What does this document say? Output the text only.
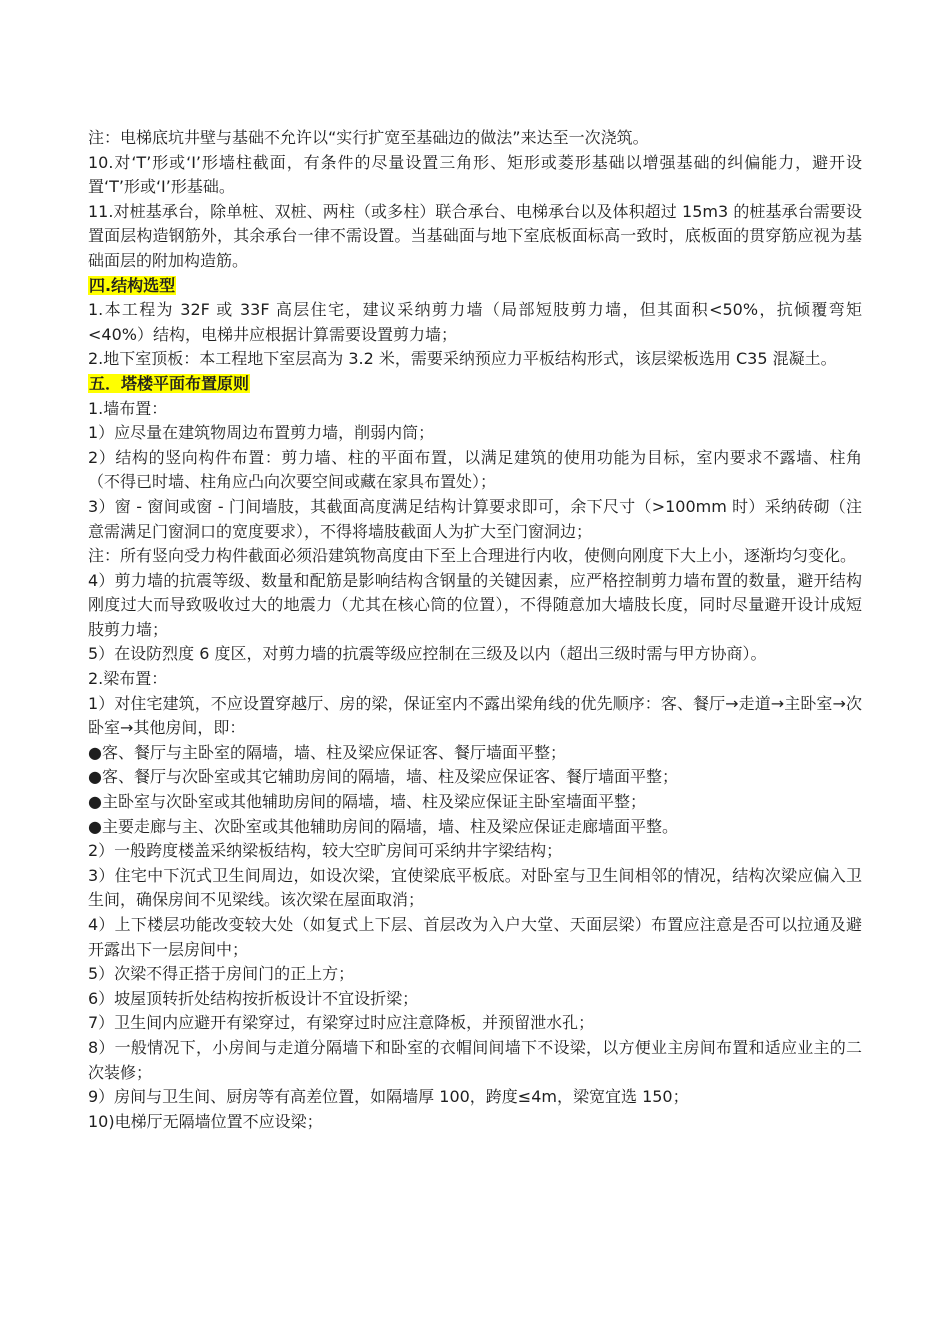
注：电梯底坑井壁与基础不允许以“实行扩宽至基础边的做法”来达至一次浇筑。

10.对‘T’形或‘I’形墙柱截面，有条件的尽量设置三角形、矩形或菱形基础以增强基础的纠偏能力，避开设置‘T’形或‘I’形基础。

11.对桩基承台，除单桩、双桩、两柱（或多柱）联合承台、电梯承台以及体积超过 15m3 的桩基承台需要设置面层构造钢筋外，其余承台一律不需设置。当基础面与地下室底板面标高一致时，底板面的贯穿筋应视为基础面层的附加构造筋。

四.结构选型

1.本工程为 32F 或 33F 高层住宅，建议采纳剪力墙（局部短肢剪力墙，但其面积<50%，抗倾覆弯矩<40%）结构，电梯井应根据计算需要设置剪力墙；

2.地下室顶板：本工程地下室层高为 3.2 米，需要采纳预应力平板结构形式，该层梁板选用 C35 混凝土。

五．塔楼平面布置原则

1.墙布置：

1）应尽量在建筑物周边布置剪力墙，削弱内筒；

2）结构的竖向构件布置：剪力墙、柱的平面布置，以满足建筑的使用功能为目标，室内要求不露墙、柱角（不得已时墙、柱角应凸向次要空间或藏在家具布置处）；

3）窗 - 窗间或窗 - 门间墙肢，其截面高度满足结构计算要求即可，余下尺寸（>100mm 时）采纳砖砌（注意需满足门窗洞口的宽度要求），不得将墙肢截面人为扩大至门窗洞边；

注：所有竖向受力构件截面必须沿建筑物高度由下至上合理进行内收，使侧向刚度下大上小，逐渐均匀变化。

4）剪力墙的抗震等级、数量和配筋是影响结构含钢量的关键因素，应严格控制剪力墙布置的数量，避开结构刚度过大而导致吸收过大的地震力（尤其在核心筒的位置），不得随意加大墙肢长度，同时尽量避开设计成短肢剪力墙；

5）在设防烈度 6 度区，对剪力墙的抗震等级应控制在三级及以内（超出三级时需与甲方协商）。

2.梁布置：

1）对住宅建筑，不应设置穿越厅、房的梁，保证室内不露出梁角线的优先顺序：客、餐厅→走道→主卧室→次卧室→其他房间，即：

●客、餐厅与主卧室的隔墙，墙、柱及梁应保证客、餐厅墙面平整；

●客、餐厅与次卧室或其它辅助房间的隔墙，墙、柱及梁应保证客、餐厅墙面平整；

●主卧室与次卧室或其他辅助房间的隔墙，墙、柱及梁应保证主卧室墙面平整；

●主要走廊与主、次卧室或其他辅助房间的隔墙，墙、柱及梁应保证走廊墙面平整。

2）一般跨度楼盖采纳梁板结构，较大空旷房间可采纳井字梁结构；

3）住宅中下沉式卫生间周边，如设次梁，宜使梁底平板底。对卧室与卫生间相邻的情况，结构次梁应偏入卫生间，确保房间不见梁线。该次梁在屋面取消；

4）上下楼层功能改变较大处（如复式上下层、首层改为入户大堂、天面层梁）布置应注意是否可以拉通及避开露出下一层房间中；

5）次梁不得正搭于房间门的正上方；

6）坡屋顶转折处结构按折板设计不宜设折梁；

7）卫生间内应避开有梁穿过，有梁穿过时应注意降板，并预留泄水孔；

8）一般情况下，小房间与走道分隔墙下和卧室的衣帽间间墙下不设梁，以方便业主房间布置和适应业主的二次装修；

9）房间与卫生间、厨房等有高差位置，如隔墙厚 100，跨度≤4m，梁宽宜选 150；

10)电梯厅无隔墙位置不应设梁；
